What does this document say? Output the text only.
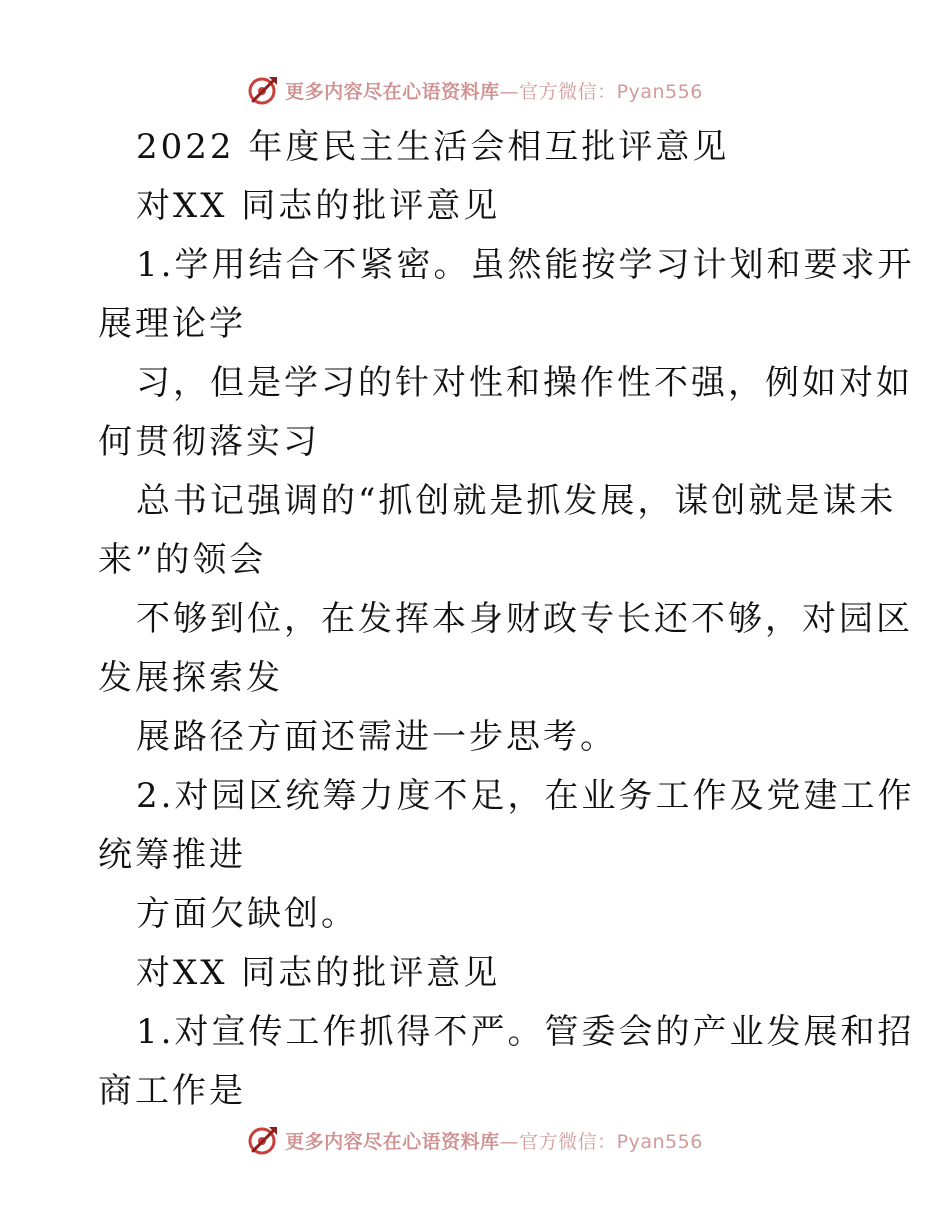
更多内容尽在心语资料库—官方微信：Pyan556
2022 年度民主生活会相互批评意见
对XX 同志的批评意见
1.学用结合不紧密。虽然能按学习计划和要求开
展理论学
习，但是学习的针对性和操作性不强，例如对如
何贯彻落实习
总书记强调的“抓创就是抓发展，谋创就是谋未
来”的领会
不够到位，在发挥本身财政专长还不够，对园区
发展探索发
展路径方面还需进一步思考。
2.对园区统筹力度不足，在业务工作及党建工作
统筹推进
方面欠缺创。
对XX 同志的批评意见
1.对宣传工作抓得不严。管委会的产业发展和招
商工作是
更多内容尽在心语资料库—官方微信：Pyan556
